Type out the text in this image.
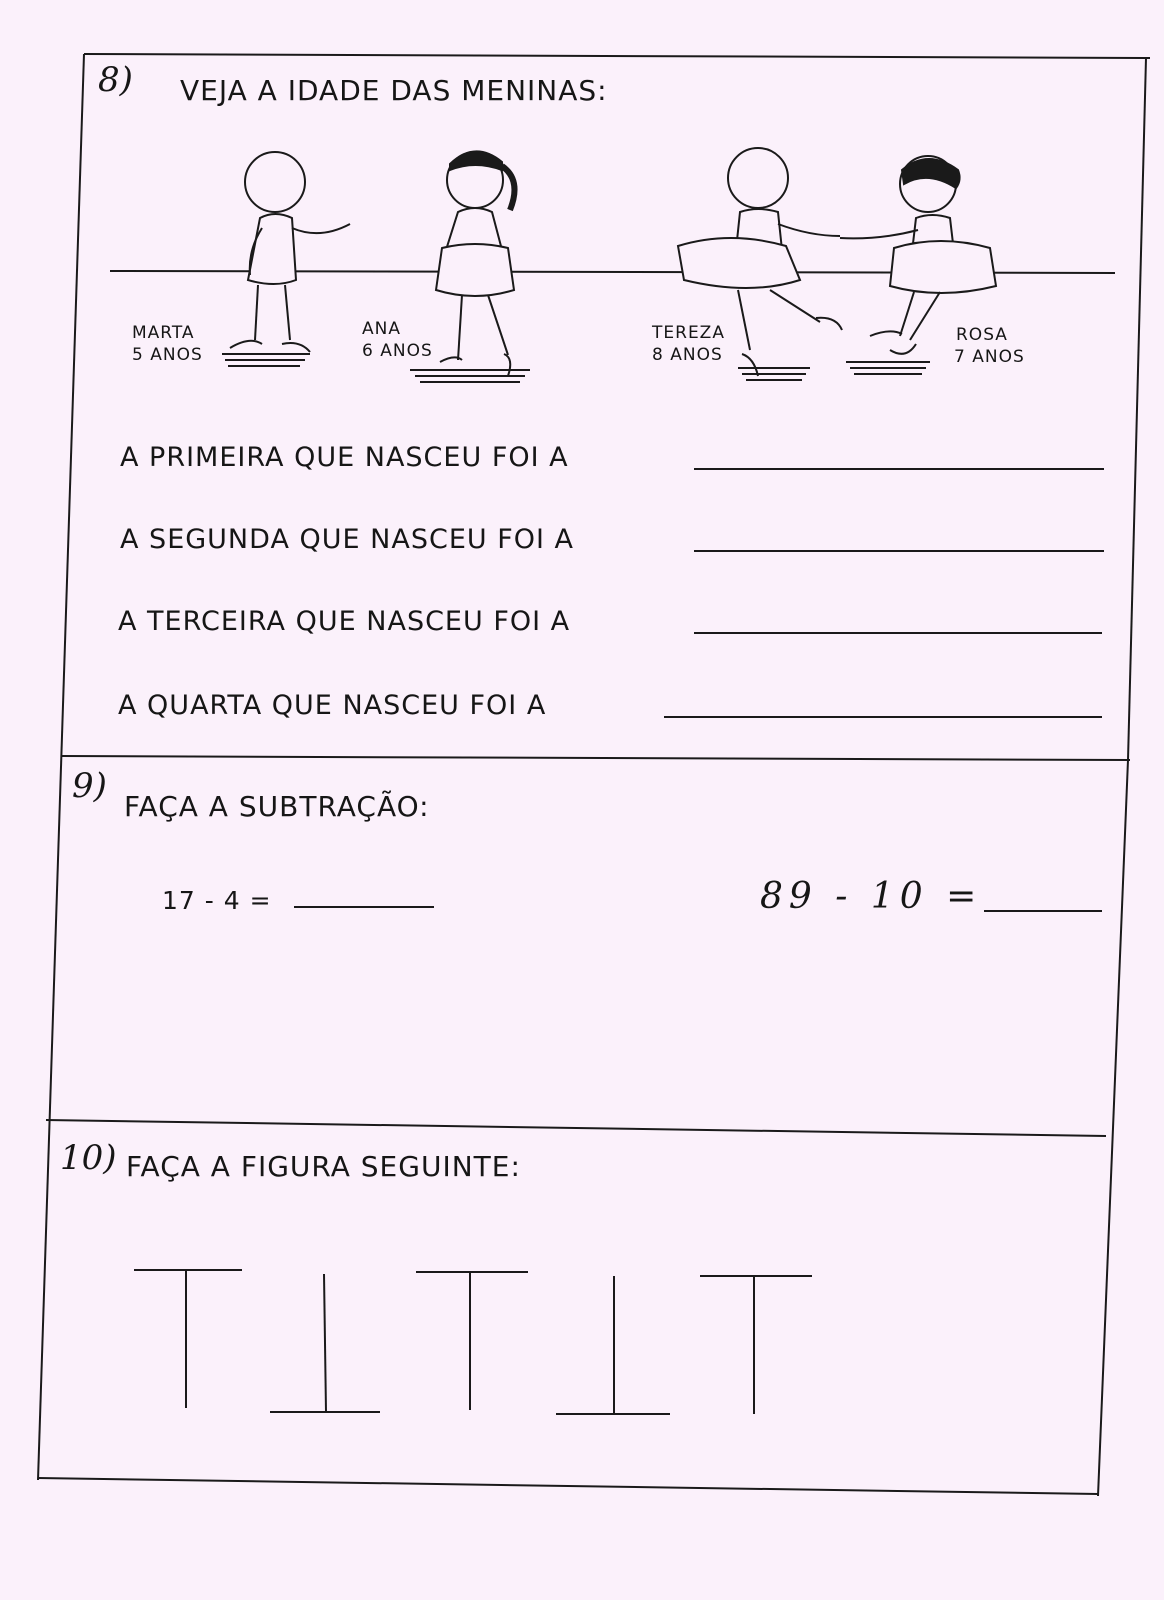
8) VEJA A IDADE DAS MENINAS:
MARTA
5 ANOS
ANA
6 ANOS
TEREZA
8 ANOS
ROSA
7 ANOS
A PRIMEIRA QUE NASCEU FOI A
A SEGUNDA QUE NASCEU FOI A
A TERCEIRA QUE NASCEU FOI A
A QUARTA QUE NASCEU FOI A
9)
FAÇA A SUBTRAÇÃO:
17 - 4 =	89 - 10 =
10) FAÇA A FIGURA SEGUINTE:
